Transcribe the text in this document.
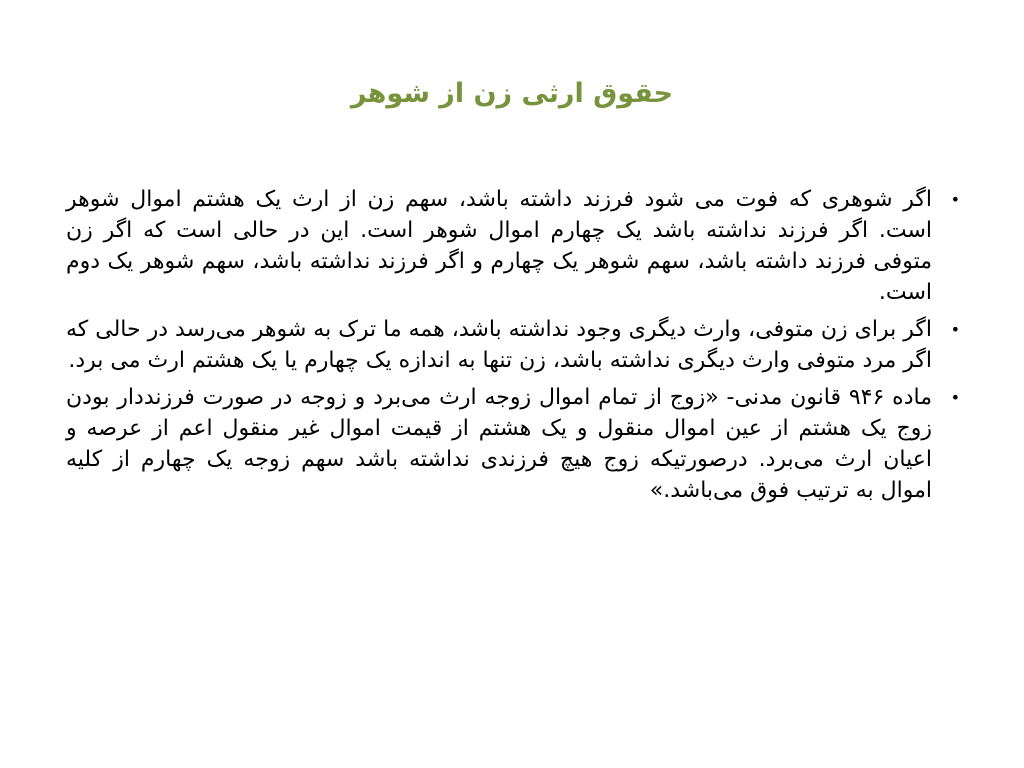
حقوق ارثی زن از شوهر
•
اگر شوهری که فوت می شود فرزند داشته باشد، سهم زن از ارث یک هشتم اموال شوهر است. اگر فرزند نداشته باشد یک چهارم اموال شوهر است. این در حالی است که اگر زن متوفی فرزند داشته باشد، سهم شوهر یک چهارم و اگر فرزند نداشته باشد، سهم شوهر یک دوم است.
•
اگر برای زن متوفی، وارث دیگری وجود نداشته باشد، همه ما ترک به شوهر می‌رسد در حالی که اگر مرد متوفی وارث دیگری نداشته باشد، زن تنها به اندازه یک چهارم یا یک هشتم ارث می برد.
•
ماده ۹۴۶ قانون مدنی- «زوج از تمام اموال زوجه ارث می‌برد و زوجه در صورت فرزنددار بودن زوج یک هشتم از عین اموال منقول و یک هشتم از قیمت اموال غیر منقول اعم از عرصه و اعیان ارث می‌برد. درصورتیکه زوج هیچ فرزندی نداشته باشد سهم زوجه یک چهارم از کلیه اموال به ترتیب فوق می‌باشد.»
